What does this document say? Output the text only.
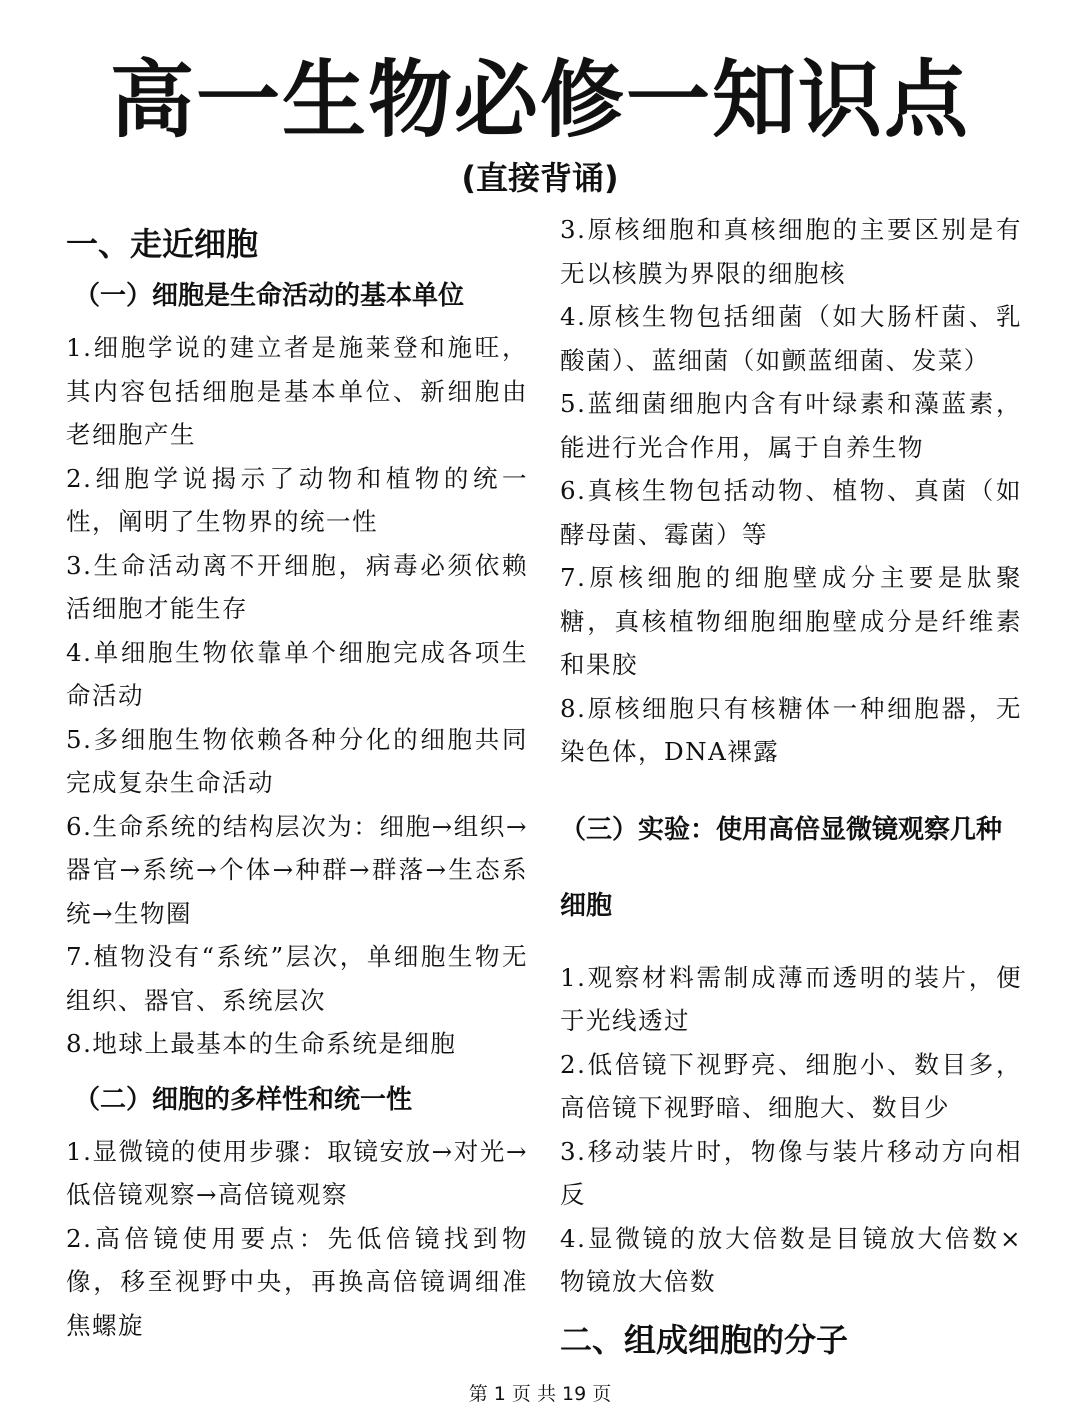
高一生物必修一知识点
(直接背诵)
一、走近细胞
（一）细胞是生命活动的基本单位

1.细胞学说的建立者是施莱登和施旺，其内容包括细胞是基本单位、新细胞由老细胞产生

2.细胞学说揭示了动物和植物的统一性，阐明了生物界的统一性

3.生命活动离不开细胞，病毒必须依赖活细胞才能生存

4.单细胞生物依靠单个细胞完成各项生命活动

5.多细胞生物依赖各种分化的细胞共同完成复杂生命活动

6.生命系统的结构层次为：细胞→组织→器官→系统→个体→种群→群落→生态系统→生物圈

7.植物没有“系统”层次，单细胞生物无组织、器官、系统层次

8.地球上最基本的生命系统是细胞

（二）细胞的多样性和统一性

1.显微镜的使用步骤：取镜安放→对光→低倍镜观察→高倍镜观察

2.高倍镜使用要点：先低倍镜找到物像，移至视野中央，再换高倍镜调细准焦螺旋

3.原核细胞和真核细胞的主要区别是有无以核膜为界限的细胞核

4.原核生物包括细菌（如大肠杆菌、乳酸菌）、蓝细菌（如颤蓝细菌、发菜）

5.蓝细菌细胞内含有叶绿素和藻蓝素，能进行光合作用，属于自养生物

6.真核生物包括动物、植物、真菌（如酵母菌、霉菌）等

7.原核细胞的细胞壁成分主要是肽聚糖，真核植物细胞细胞壁成分是纤维素和果胶

8.原核细胞只有核糖体一种细胞器，无染色体，DNA裸露

（三）实验：使用高倍显微镜观察几种细胞

1.观察材料需制成薄而透明的装片，便于光线透过

2.低倍镜下视野亮、细胞小、数目多，高倍镜下视野暗、细胞大、数目少

3.移动装片时，物像与装片移动方向相反

4.显微镜的放大倍数是目镜放大倍数×物镜放大倍数

二、组成细胞的分子
第 1 页 共 19 页
